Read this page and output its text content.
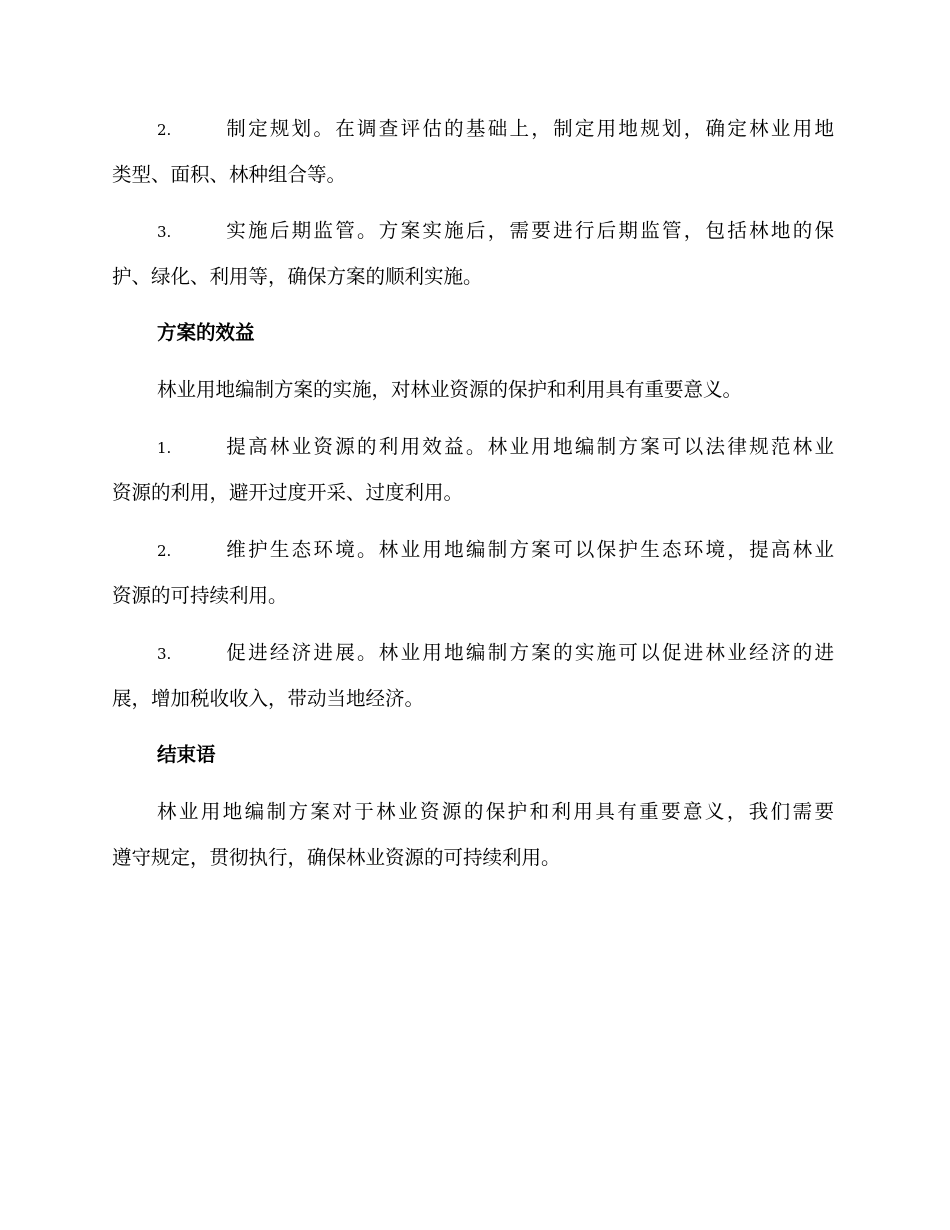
2.	制定规划。在调查评估的基础上，制定用地规划，确定林业用地
类型、面积、林种组合等。
3.	实施后期监管。方案实施后，需要进行后期监管，包括林地的保
护、绿化、利用等，确保方案的顺利实施。
方案的效益
林业用地编制方案的实施，对林业资源的保护和利用具有重要意义。
1.	提高林业资源的利用效益。林业用地编制方案可以法律规范林业
资源的利用，避开过度开采、过度利用。
2.	维护生态环境。林业用地编制方案可以保护生态环境，提高林业
资源的可持续利用。
3.	促进经济进展。林业用地编制方案的实施可以促进林业经济的进
展，增加税收收入，带动当地经济。
结束语
林业用地编制方案对于林业资源的保护和利用具有重要意义，我们需要
遵守规定，贯彻执行，确保林业资源的可持续利用。
